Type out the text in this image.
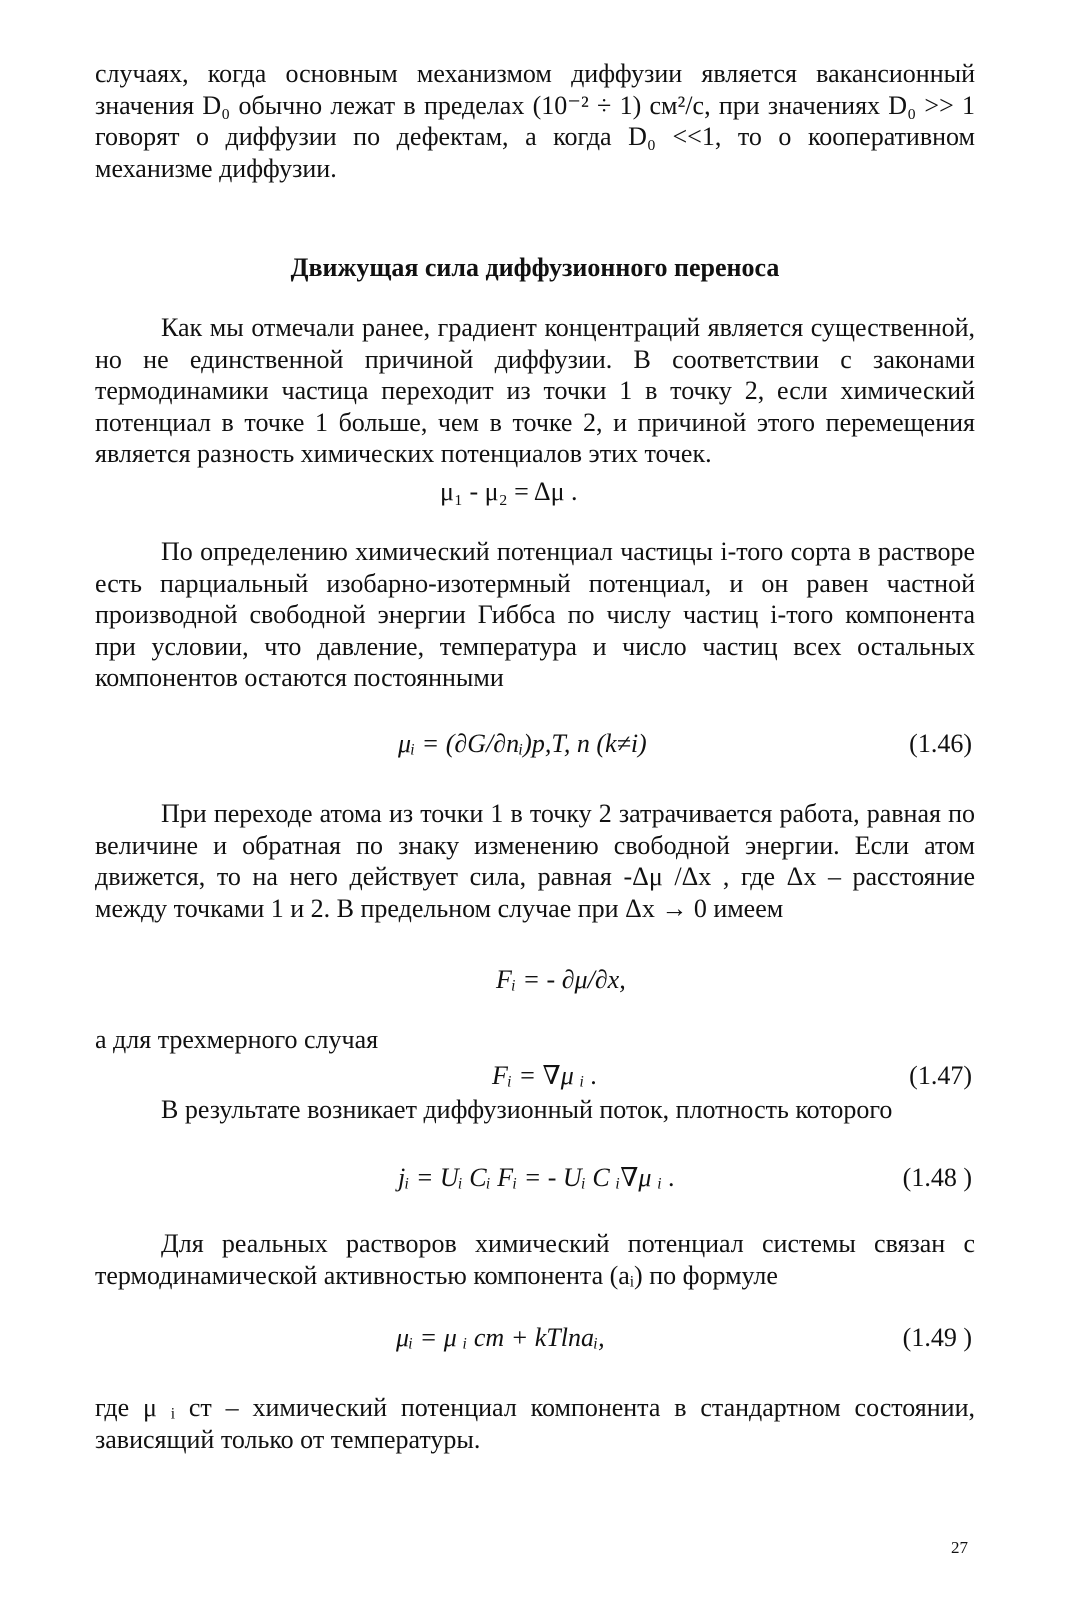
случаях, когда основным механизмом диффузии является вакансионный значения D₀ обычно лежат в пределах (10⁻² ÷ 1) см²/с, при значениях D₀ >> 1 говорят о диффузии по дефектам, а когда D₀ <<1, то о кооперативном механизме диффузии.

Движущая сила диффузионного переноса

Как мы отмечали ранее, градиент концентраций является существенной, но не единственной причиной диффузии. В соответствии с законами термодинамики частица переходит из точки 1 в точку 2, если химический потенциал в точке 1 больше, чем в точке 2, и причиной этого перемещения является разность химических потенциалов этих точек.

μ₁ - μ₂ = Δμ .

По определению химический потенциал частицы i-того сорта в растворе есть парциальный изобарно-изотермный потенциал, и он равен частной производной свободной энергии Гиббса по числу частиц i-того компонента при условии, что давление, температура и число частиц всех остальных компонентов остаются постоянными

μᵢ = (∂G/∂nᵢ)p,T, n (k≠i)	(1.46)

При переходе атома из точки 1 в точку 2 затрачивается работа, равная по величине и обратная по знаку изменению свободной энергии. Если атом движется, то на него действует сила, равная -Δμ /Δx , где Δx – расстояние между точками 1 и 2. В предельном случае при Δx → 0 имеем

Fᵢ = - ∂μ/∂x,

а для трехмерного случая

Fᵢ = ∇μ ᵢ .	(1.47)

В результате возникает диффузионный поток, плотность которого

jᵢ = Uᵢ Cᵢ Fᵢ = - Uᵢ C ᵢ∇μ ᵢ .	(1.48 )

Для реальных растворов химический потенциал системы связан с термодинамической активностью компонента (aᵢ) по формуле

μᵢ = μ ᵢ ст + kTlnaᵢ,	(1.49 )

где μ ᵢ ст – химический потенциал компонента в стандартном состоянии, зависящий только от температуры.

27
